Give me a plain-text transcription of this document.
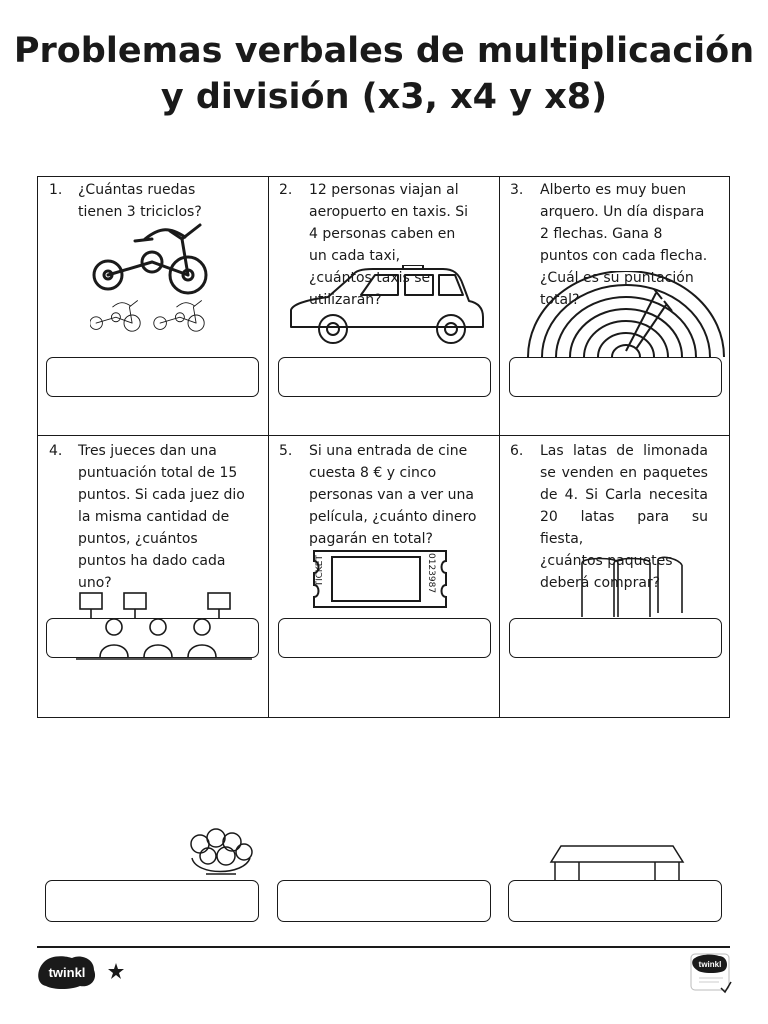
Problemas verbales de multiplicación
y división (x3, x4 y x8)
1. ¿Cuántas ruedas
tienen 3 triciclos?
2. 12 personas viajan al
aeropuerto en taxis. Si
4 personas caben en
un cada taxi,
¿cuántos taxis se
utilizarán?
3. Alberto es muy buen
arquero. Un día dispara
2 flechas. Gana 8
puntos con cada flecha.
¿Cuál es su puntación
total?
4. Tres jueces dan una
puntuación total de 15
puntos. Si cada juez dio
la misma cantidad de
puntos, ¿cuántos
puntos ha dado cada
uno?
5. Si una entrada de cine
cuesta 8 € y cinco
personas van a ver una
película, ¿cuánto dinero
pagarán en total?
TICKET	0123987
6. Las latas de limonada
se venden en paquetes
de 4. Si Carla necesita
20 latas para su
fiesta,
¿cuántos paquetes
deberá comprar?
twinkl
twinkl
